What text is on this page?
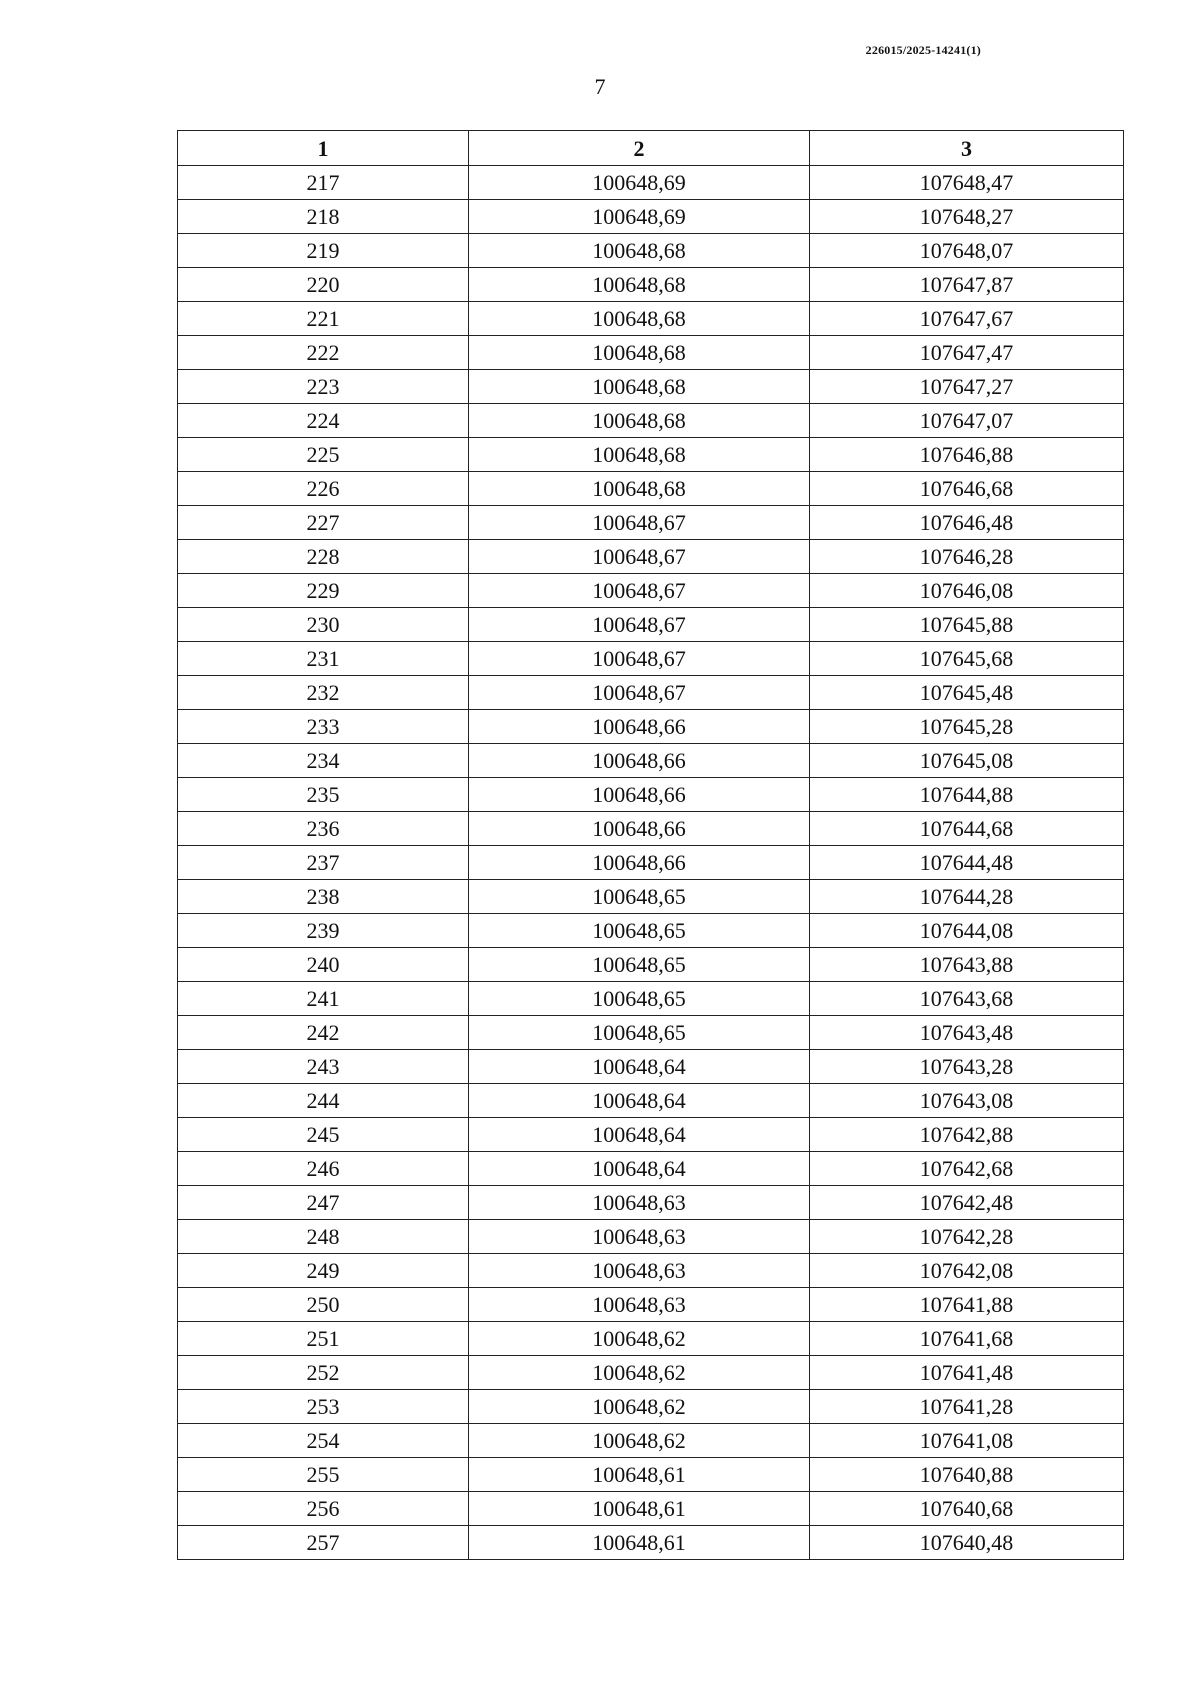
226015/2025-14241(1)
7
1	2	3
217	100648,69	107648,47
218	100648,69	107648,27
219	100648,68	107648,07
220	100648,68	107647,87
221	100648,68	107647,67
222	100648,68	107647,47
223	100648,68	107647,27
224	100648,68	107647,07
225	100648,68	107646,88
226	100648,68	107646,68
227	100648,67	107646,48
228	100648,67	107646,28
229	100648,67	107646,08
230	100648,67	107645,88
231	100648,67	107645,68
232	100648,67	107645,48
233	100648,66	107645,28
234	100648,66	107645,08
235	100648,66	107644,88
236	100648,66	107644,68
237	100648,66	107644,48
238	100648,65	107644,28
239	100648,65	107644,08
240	100648,65	107643,88
241	100648,65	107643,68
242	100648,65	107643,48
243	100648,64	107643,28
244	100648,64	107643,08
245	100648,64	107642,88
246	100648,64	107642,68
247	100648,63	107642,48
248	100648,63	107642,28
249	100648,63	107642,08
250	100648,63	107641,88
251	100648,62	107641,68
252	100648,62	107641,48
253	100648,62	107641,28
254	100648,62	107641,08
255	100648,61	107640,88
256	100648,61	107640,68
257	100648,61	107640,48
